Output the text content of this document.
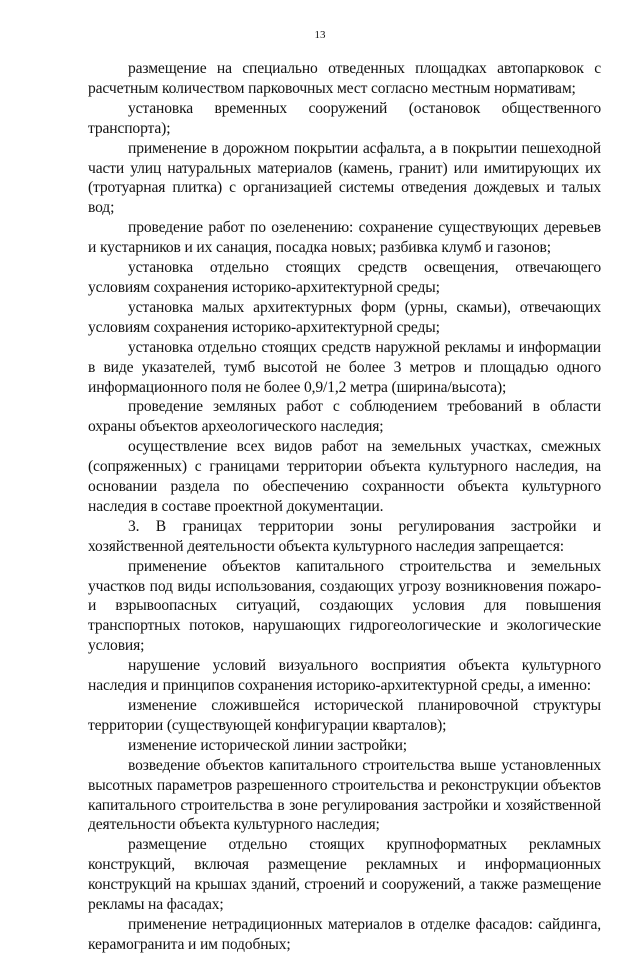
13

размещение на специально отведенных площадках автопарковок с расчетным количеством парковочных мест согласно местным нормативам;

установка временных сооружений (остановок общественного транспорта);

применение в дорожном покрытии асфальта, а в покрытии пешеходной части улиц натуральных материалов (камень, гранит) или имитирующих их (тротуарная плитка) с организацией системы отведения дождевых и талых вод;

проведение работ по озеленению: сохранение существующих деревьев и кустарников и их санация, посадка новых; разбивка клумб и газонов;

установка отдельно стоящих средств освещения, отвечающего условиям сохранения историко-архитектурной среды;

установка малых архитектурных форм (урны, скамьи), отвечающих условиям сохранения историко-архитектурной среды;

установка отдельно стоящих средств наружной рекламы и информации в виде указателей, тумб высотой не более 3 метров и площадью одного информационного поля не более 0,9/1,2 метра (ширина/высота);

проведение земляных работ с соблюдением требований в области охраны объектов археологического наследия;

осуществление всех видов работ на земельных участках, смежных (сопряженных) с границами территории объекта культурного наследия, на основании раздела по обеспечению сохранности объекта культурного наследия в составе проектной документации.

3. В границах территории зоны регулирования застройки и хозяйственной деятельности объекта культурного наследия запрещается:

применение объектов капитального строительства и земельных участков под виды использования, создающих угрозу возникновения пожаро- и взрывоопасных ситуаций, создающих условия для повышения транспортных потоков, нарушающих гидрогеологические и экологические условия;

нарушение условий визуального восприятия объекта культурного наследия и принципов сохранения историко-архитектурной среды, а именно:

изменение сложившейся исторической планировочной структуры территории (существующей конфигурации кварталов);

изменение исторической линии застройки;

возведение объектов капитального строительства выше установленных высотных параметров разрешенного строительства и реконструкции объектов капитального строительства в зоне регулирования застройки и хозяйственной деятельности объекта культурного наследия;

размещение отдельно стоящих крупноформатных рекламных конструкций, включая размещение рекламных и информационных конструкций на крышах зданий, строений и сооружений, а также размещение рекламы на фасадах;

применение нетрадиционных материалов в отделке фасадов: сайдинга, керамогранита и им подобных;
